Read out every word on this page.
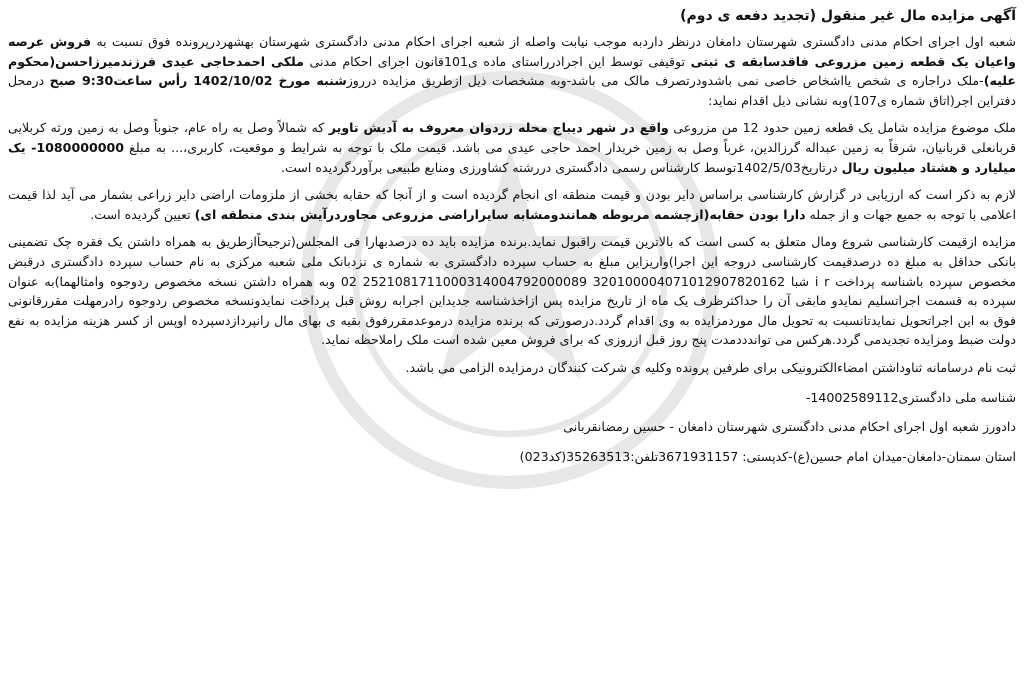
آگهی مزایده مال غیر منقول (تجدید دفعه ی دوم)

شعبه اول اجرای احکام مدنی دادگستری شهرستان دامغان درنظر داردبه موجب نیابت واصله از شعبه اجرای احکام مدنی دادگستری شهرستان بهشهردرپرونده فوق نسبت به فروش عرصه واعیان یک قطعه زمین مزروعی فاقدسابقه ی ثبتی توقیفی توسط این اجرادرراستای ماده ی101قانون اجرای احکام مدنی ملکی احمدحاجی عیدی فرزندمیرزاحسن(محکوم علیه)-ملک دراجاره ی شخص یااشخاص خاصی نمی باشدودرتصرف مالک می باشد-وبه مشخصات ذیل ازطریق مزایده درروزشنبه مورخ 1402/10/02 رأس ساعت9:30 صبح درمحل دفتراین اجر(اتاق شماره ی107)وبه نشانی ذیل اقدام نماید:

ملک موضوع مزایده شامل یک قطعه زمین حدود 12 من مزروعی واقع در شهر دیباج محله زردوان معروف به آدیش تاویر که شمالاً وصل به راه عام، جنوباً وصل به زمین ورثه کربلایی قربانعلی قربانیان، شرقاً به زمین عبداله گرزالدین، غرباً وصل به زمین خریدار احمد حاجی عیدی می باشد. قیمت ملک با توجه به شرایط و موقعیت، کاربری،... به مبلغ 1080000000- یک میلیارد و هشتاد میلیون ریال درتاریخ1402/5/03توسط کارشناس رسمی دادگستری دررشته کشاورزی ومنابع طبیعی برآوردگردیده است.

لازم به ذکر است که ارزیابی در گزارش کارشناسی براساس دایر بودن و قیمت منطقه ای انجام گردیده است و از آنجا که حقابه بخشی از ملزومات اراضی دایر زراعی بشمار می آید لذا قیمت اعلامی با توجه به جمیع جهات و از جمله دارا بودن حقابه(ازچشمه مربوطه همانندومشابه سایراراضی مزروعی مجاوردرآیش بندی منطقه ای) تعیین گردیده است.

مزایده ازقیمت کارشناسی شروع ومال متعلق به کسی است که بالاترین قیمت راقبول نماید.برنده مزایده باید ده درصدبهارا فی المجلس(ترجیحاًازطریق به همراه داشتن یک فقره چک تضمینی بانکی حداقل به مبلغ ده درصدقیمت کارشناسی دروجه این اجرا)واریزاین مبلغ به حساب سپرده دادگستری به شماره ی نزدبانک ملی شعبه مرکزی به نام حساب سپرده دادگستری درقبض مخصوص سپرده باشناسه پرداخت i r شبا 320100004071012907820162 2521081711000314004792000089 02 وبه همراه داشتن نسخه مخصوص ردوجوه وامثالهما)به عنوان سپرده به قسمت اجراتسلیم نمایدو مابقی آن را حداکثرظرف یک ماه از تاریخ مزایده پس ازاخذشناسه جدیداین اجرابه روش قبل پرداخت نمایدونسخه مخصوص ردوجوه رادرمهلت مقررقانونی فوق به این اجراتحویل نمایدتانسبت به تحویل مال موردمزایده به وی اقدام گردد.درصورتی که برنده مزایده درموعدمقررفوق بقیه ی بهای مال رانپردازدسپرده اوپس از کسر هزینه مزایده به نفع دولت ضبط ومزایده تجدیدمی گردد.هرکس می تواندددمدت پنج روز قبل ازروزی که برای فروش معین شده است ملک راملاحظه نماید.

ثبت نام درسامانه ثناوداشتن امضاءالکترونیکی برای طرفین پرونده وکلیه ی شرکت کنندگان درمزایده الزامی می باشد.
شناسه ملی دادگستری14002589112-
دادورز شعبه اول اجرای احکام مدنی دادگستری شهرستان دامغان - حسین رمضانقربانی
استان سمنان-دامغان-میدان امام حسین(ع)-کدپستی: 3671931157تلفن:35263513(کد023)
